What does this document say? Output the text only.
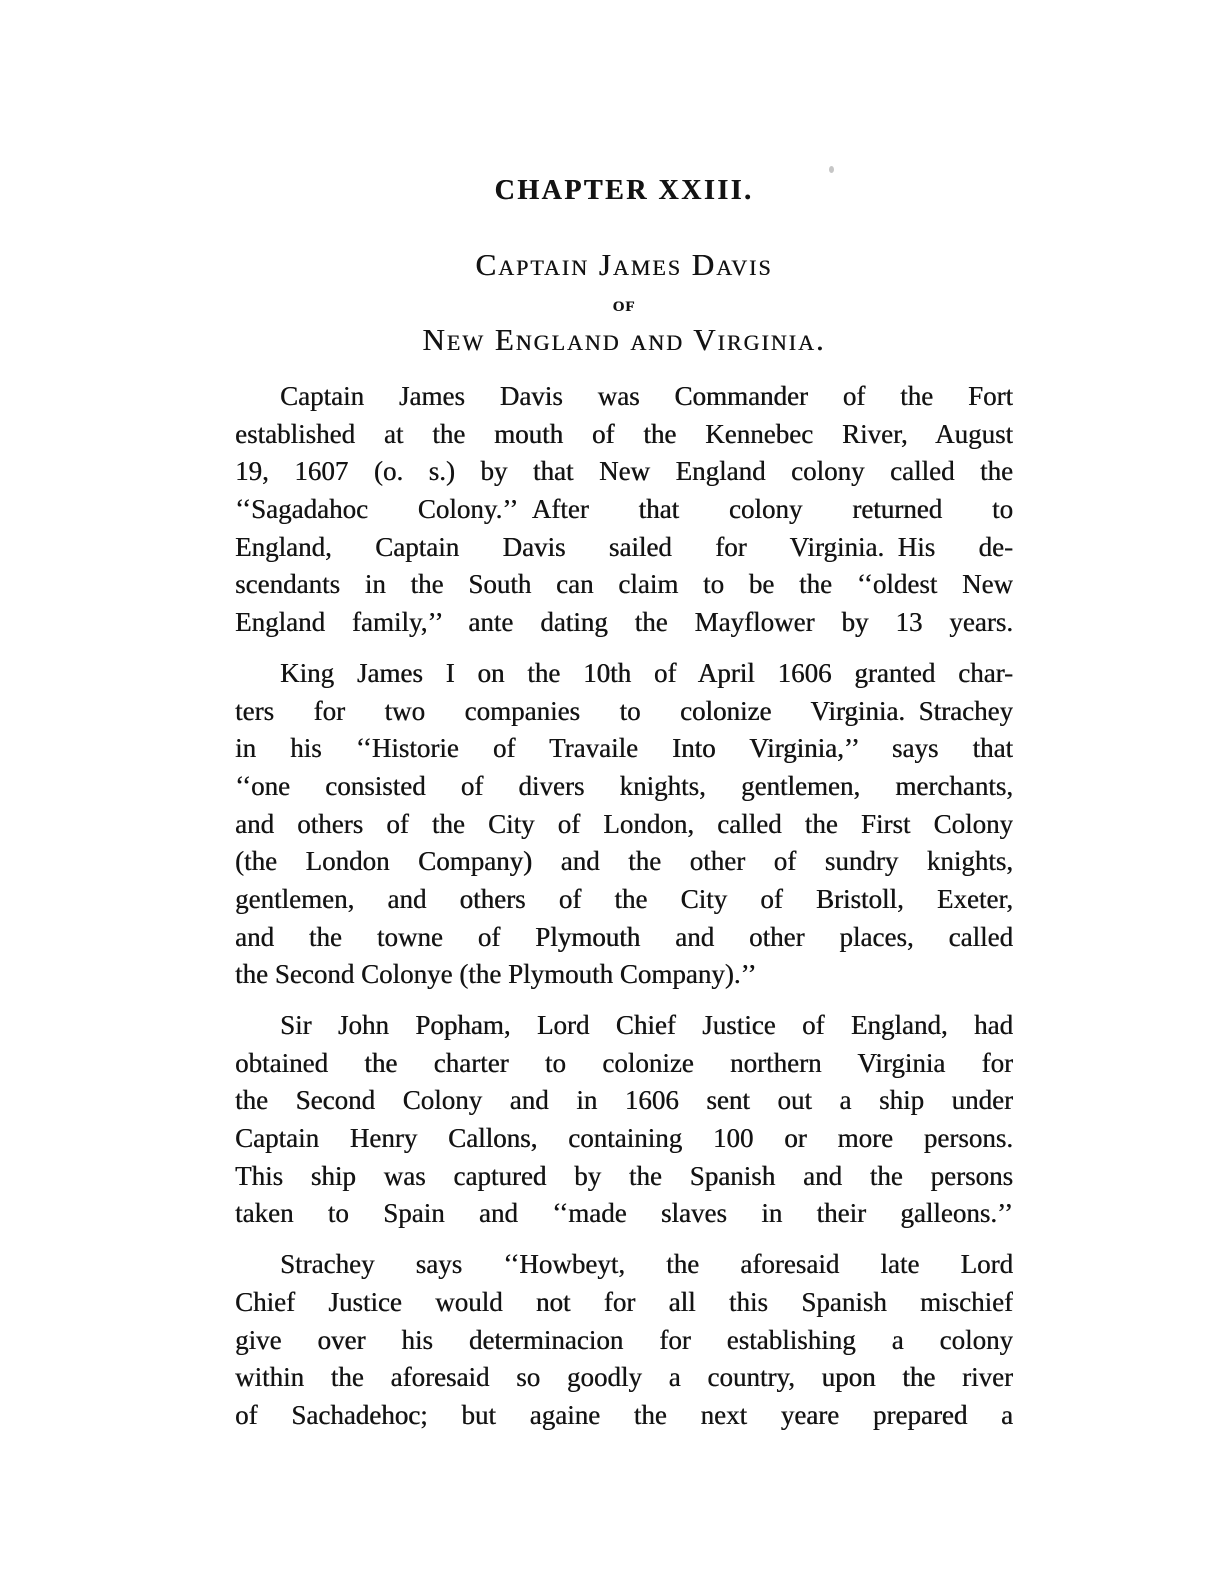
CHAPTER XXIII.
Captain James Davis
of
New England and Virginia.
Captain James Davis was Commander of the Fort
established at the mouth of the Kennebec River, August
19, 1607 (o. s.) by that New England colony called the
‘‘Sagadahoc Colony.’’ After that colony returned to
England, Captain Davis sailed for Virginia. His de-
scendants in the South can claim to be the ‘‘oldest New
England family,’’ ante dating the Mayflower by 13 years.
King James I on the 10th of April 1606 granted char-
ters for two companies to colonize Virginia. Strachey
in his ‘‘Historie of Travaile Into Virginia,’’ says that
‘‘one consisted of divers knights, gentlemen, merchants,
and others of the City of London, called the First Colony
(the London Company) and the other of sundry knights,
gentlemen, and others of the City of Bristoll, Exeter,
and the towne of Plymouth and other places, called
the Second Colonye (the Plymouth Company).’’
Sir John Popham, Lord Chief Justice of England, had
obtained the charter to colonize northern Virginia for
the Second Colony and in 1606 sent out a ship under
Captain Henry Callons, containing 100 or more persons.
This ship was captured by the Spanish and the persons
taken to Spain and ‘‘made slaves in their galleons.’’
Strachey says ‘‘Howbeyt, the aforesaid late Lord
Chief Justice would not for all this Spanish mischief
give over his determinacion for establishing a colony
within the aforesaid so goodly a country, upon the river
of Sachadehoc; but againe the next yeare prepared a
